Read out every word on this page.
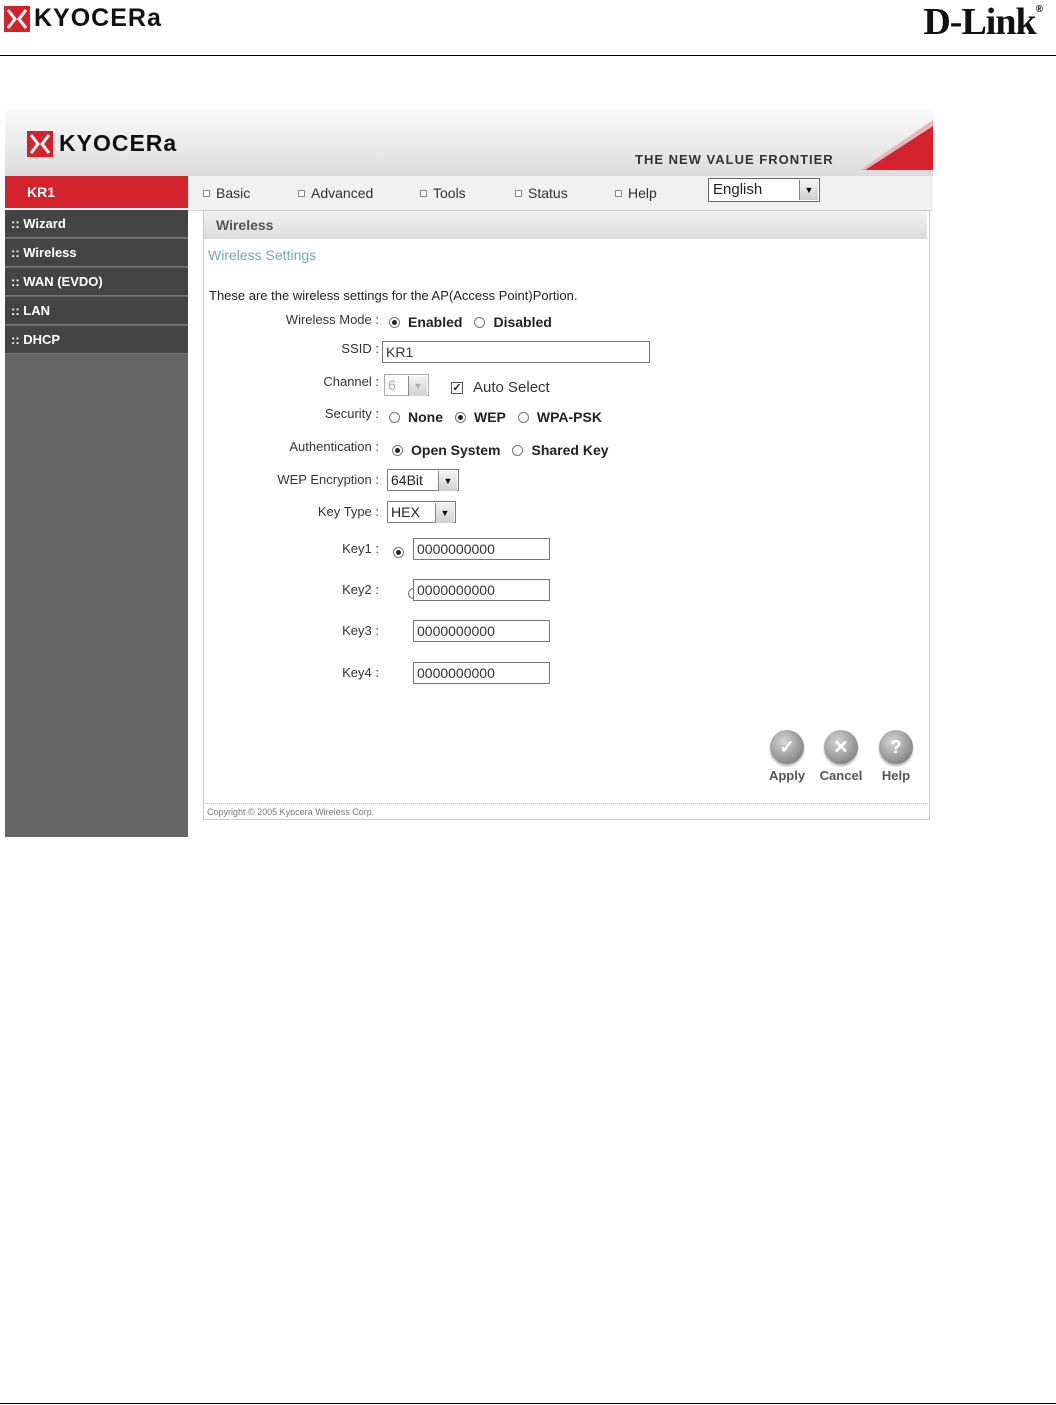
KYOCERa	D-Link®
KYOCERa
THE NEW VALUE FRONTIER
KR1	Basic	Advanced	Tools	Status	Help	English	▼
:: Wizard
:: Wireless
:: WAN (EVDO)
:: LAN
:: DHCP
Wireless
Wireless Settings
These are the wireless settings for the AP(Access Point)Portion.
Wireless Mode : Enabled Disabled
SSID : KR1
Channel : 6	▼	✓ Auto Select
Security : None WEP WPA-PSK
Authentication : Open System Shared Key
WEP Encryption : 64Bit	▼
Key Type : HEX	▼
Key1 :
	0000000000
Key2 :
	0000000000
Key3 :
	0000000000
Key4 :	0000000000
✓
Apply
✕
Cancel
?
Help
Copyright © 2005 Kyocera Wireless Corp.
